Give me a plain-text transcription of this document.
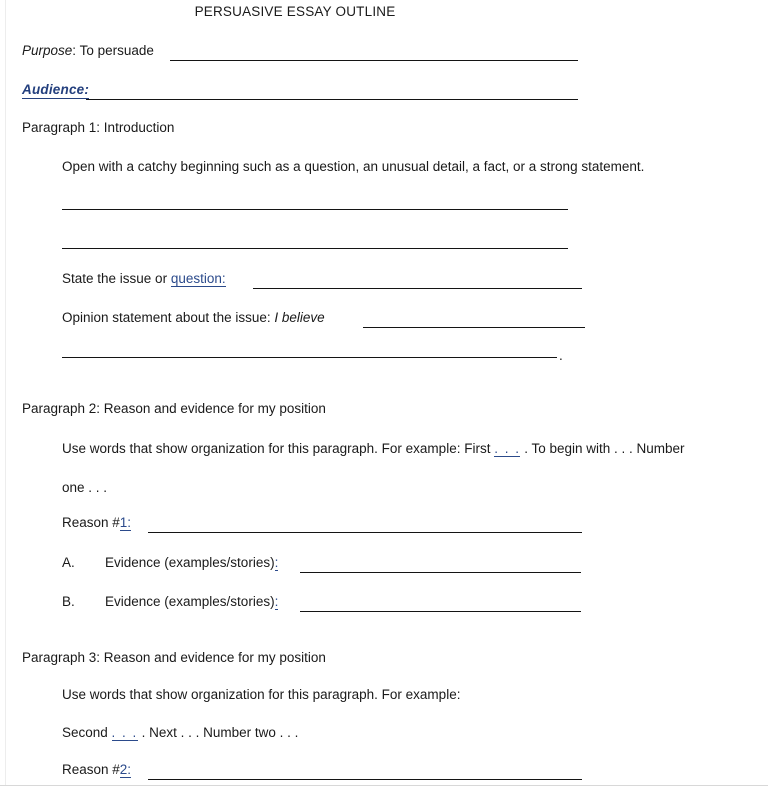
PERSUASIVE ESSAY OUTLINE
Purpose: To persuade
Audience:
Paragraph 1: Introduction
Open with a catchy beginning such as a question, an unusual detail, a fact, or a strong statement.
State the issue or question:
Opinion statement about the issue: I believe
.
Paragraph 2: Reason and evidence for my position
Use words that show organization for this paragraph. For example: First . . . . To begin with . . . Number
one . . .
Reason #1:
A. Evidence (examples/stories):
B. Evidence (examples/stories):
Paragraph 3: Reason and evidence for my position
Use words that show organization for this paragraph. For example:
Second . . . . Next . . . Number two . . .
Reason #2:
